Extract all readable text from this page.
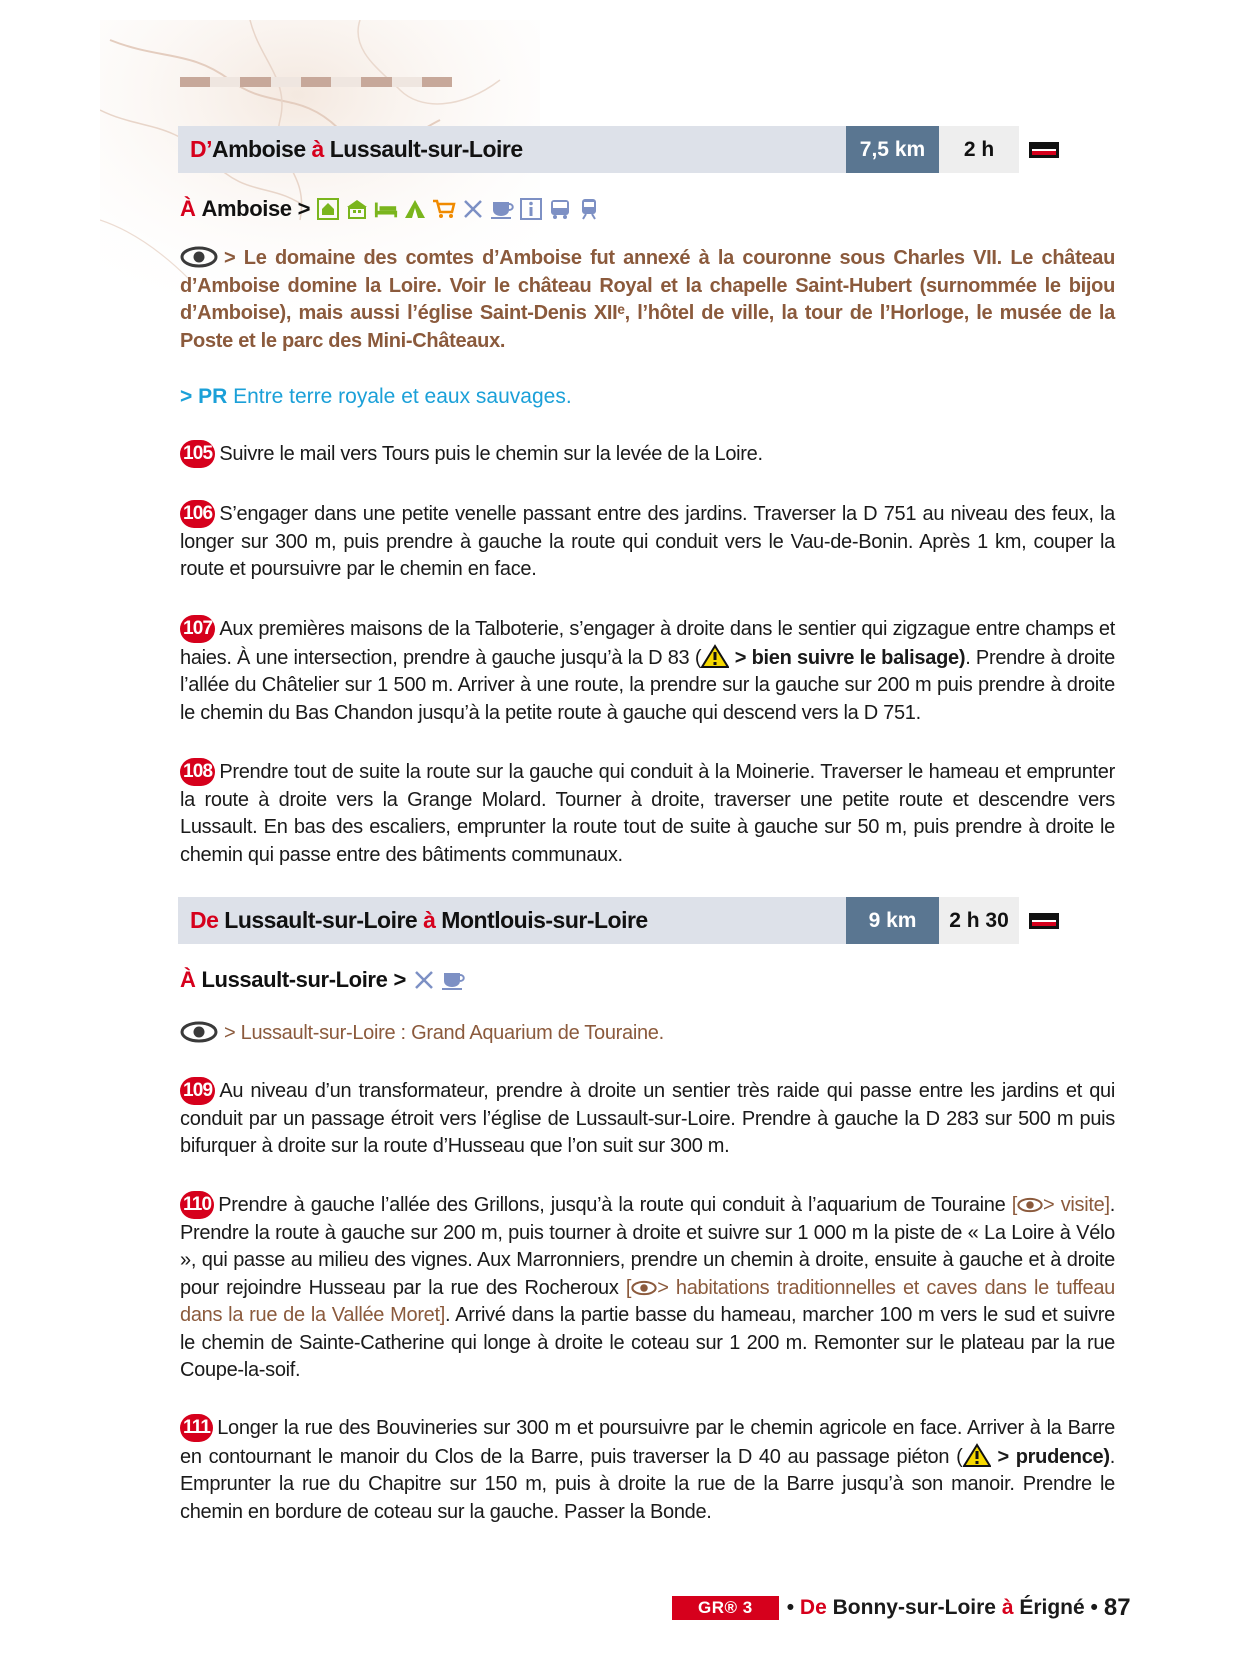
D’ Amboise
à
Lussault-sur-Loire	7,5 km	2 h
À Amboise >
> Le domaine des comtes d’Amboise fut annexé à la couronne sous Charles VII. Le château d’Amboise domine la Loire. Voir le château Royal et la chapelle Saint-Hubert (surnommée le bijou d’Amboise), mais aussi l’église Saint-Denis XIIᵉ, l’hôtel de ville, la tour de l’Horloge, le musée de la Poste et le parc des Mini-Châteaux.
> PR Entre terre royale et eaux sauvages.
105 Suivre le mail vers Tours puis le chemin sur la levée de la Loire.
106 S’engager dans une petite venelle passant entre des jardins. Traverser la D 751 au niveau des feux, la longer sur 300 m, puis prendre à gauche la route qui conduit vers le Vau-de-Bonin. Après 1 km, couper la route et poursuivre par le chemin en face.
107 Aux premières maisons de la Talboterie, s’engager à droite dans le sentier qui zigzague entre champs et haies. À une intersection, prendre à gauche jusqu’à la D 83 ( > bien suivre le balisage). Prendre à droite l’allée du Châtelier sur 1 500 m. Arriver à une route, la prendre sur la gauche sur 200 m puis prendre à droite le chemin du Bas Chandon jusqu’à la petite route à gauche qui descend vers la D 751.
108 Prendre tout de suite la route sur la gauche qui conduit à la Moinerie. Traverser le hameau et emprunter la route à droite vers la Grange Molard. Tourner à droite, traverser une petite route et descendre vers Lussault. En bas des escaliers, emprunter la route tout de suite à gauche sur 50 m, puis prendre à droite le chemin qui passe entre des bâtiments communaux.
De
Lussault-sur-Loire
à
Montlouis-sur-Loire	9 km	2 h 30
À Lussault-sur-Loire >
> Lussault-sur-Loire : Grand Aquarium de Touraine.
109 Au niveau d’un transformateur, prendre à droite un sentier très raide qui passe entre les jardins et qui conduit par un passage étroit vers l’église de Lussault-sur-Loire. Prendre à gauche la D 283 sur 500 m puis bifurquer à droite sur la route d’Husseau que l’on suit sur 300 m.
110 Prendre à gauche l’allée des Grillons, jusqu’à la route qui conduit à l’aquarium de Touraine [ > visite]. Prendre la route à gauche sur 200 m, puis tourner à droite et suivre sur 1 000 m la piste de « La Loire à Vélo », qui passe au milieu des vignes. Aux Marronniers, prendre un chemin à droite, ensuite à gauche et à droite pour rejoindre Husseau par la rue des Rocheroux [ > habitations traditionnelles et caves dans le tuffeau dans la rue de la Vallée Moret]. Arrivé dans la partie basse du hameau, marcher 100 m vers le sud et suivre le chemin de Sainte-Catherine qui longe à droite le coteau sur 1 200 m. Remonter sur le plateau par la rue Coupe-la-soif.
111 Longer la rue des Bouvineries sur 300 m et poursuivre par le chemin agricole en face. Arriver à la Barre en contournant le manoir du Clos de la Barre, puis traverser la D 40 au passage piéton ( > prudence). Emprunter la rue du Chapitre sur 150 m, puis à droite la rue de la Barre jusqu’à son manoir. Prendre le chemin en bordure de coteau sur la gauche. Passer la Bonde.
GR® 3	•
De
Bonny-sur-Loire
à
Érigné
• 87
